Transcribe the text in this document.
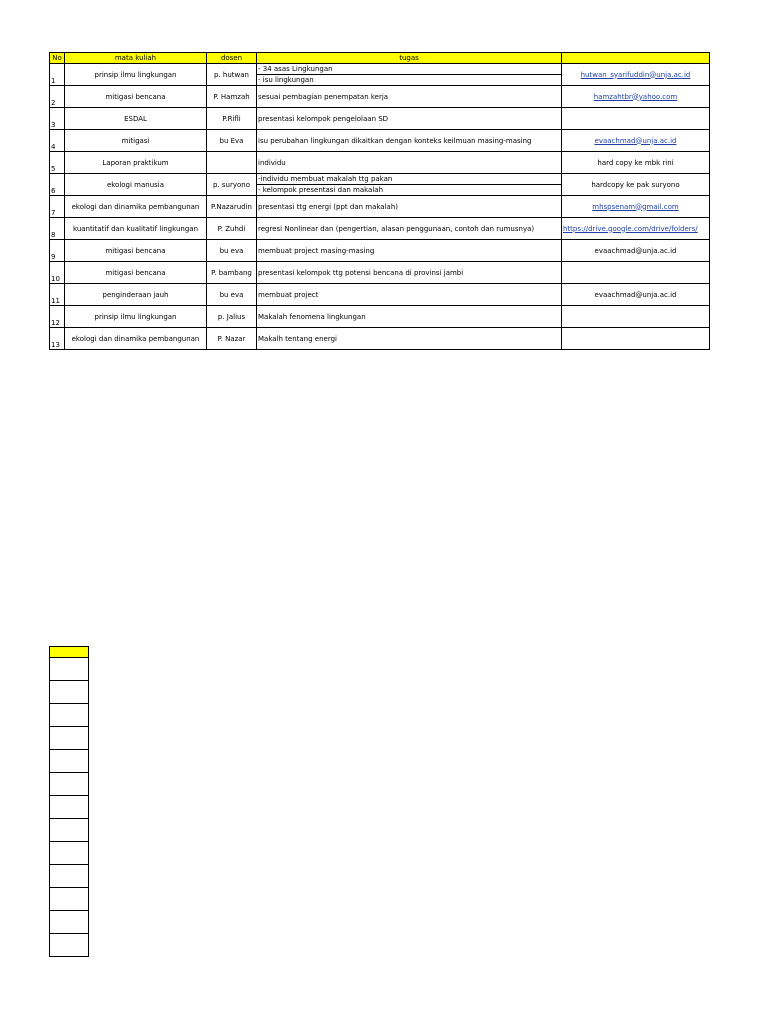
No	mata kuliah	dosen	tugas	
1	prinsip ilmu lingkungan	p. hutwan	- 34 asas Lingkungan
- isu lingkungan	hutwan_syarifuddin@unja.ac.id
2	mitigasi bencana	P. Hamzah	sesuai pembagian penempatan kerja	hamzahtbr@yahoo.com
3	ESDAL	P.Rifli	presentasi kelompok pengelolaan SD	
4	mitigasi	bu Eva	isu perubahan lingkungan dikaitkan dengan konteks keilmuan masing-masing	evaachmad@unja.ac.id
5	Laporan praktikum		individu	hard copy ke mbk rini
6	ekologi manusia	p. suryono	-individu membuat makalah ttg pakan
- kelompok presentasi dan makalah	hardcopy ke pak suryono
7	ekologi dan dinamika pembangunan	P.Nazarudin	presentasi ttg energi (ppt dan makalah)	mhspsenam@gmail.com
8	kuantitatif dan kualitatif lingkungan	P. Zuhdi	regresi Nonlinear dan (pengertian, alasan penggunaan, contoh dan rumusnya)	https://drive.google.com/drive/folders/
9	mitigasi bencana	bu eva	membuat project masing-masing	evaachmad@unja.ac.id
10	mitigasi bencana	P. bambang	presentasi kelompok ttg potensi bencana di provinsi jambi	
11	penginderaan jauh	bu eva	membuat project	evaachmad@unja.ac.id
12	prinsip ilmu lingkungan	p. Jalius	Makalah fenomena lingkungan	
13	ekologi dan dinamika pembangunan	P. Nazar	Makalh tentang energi	
